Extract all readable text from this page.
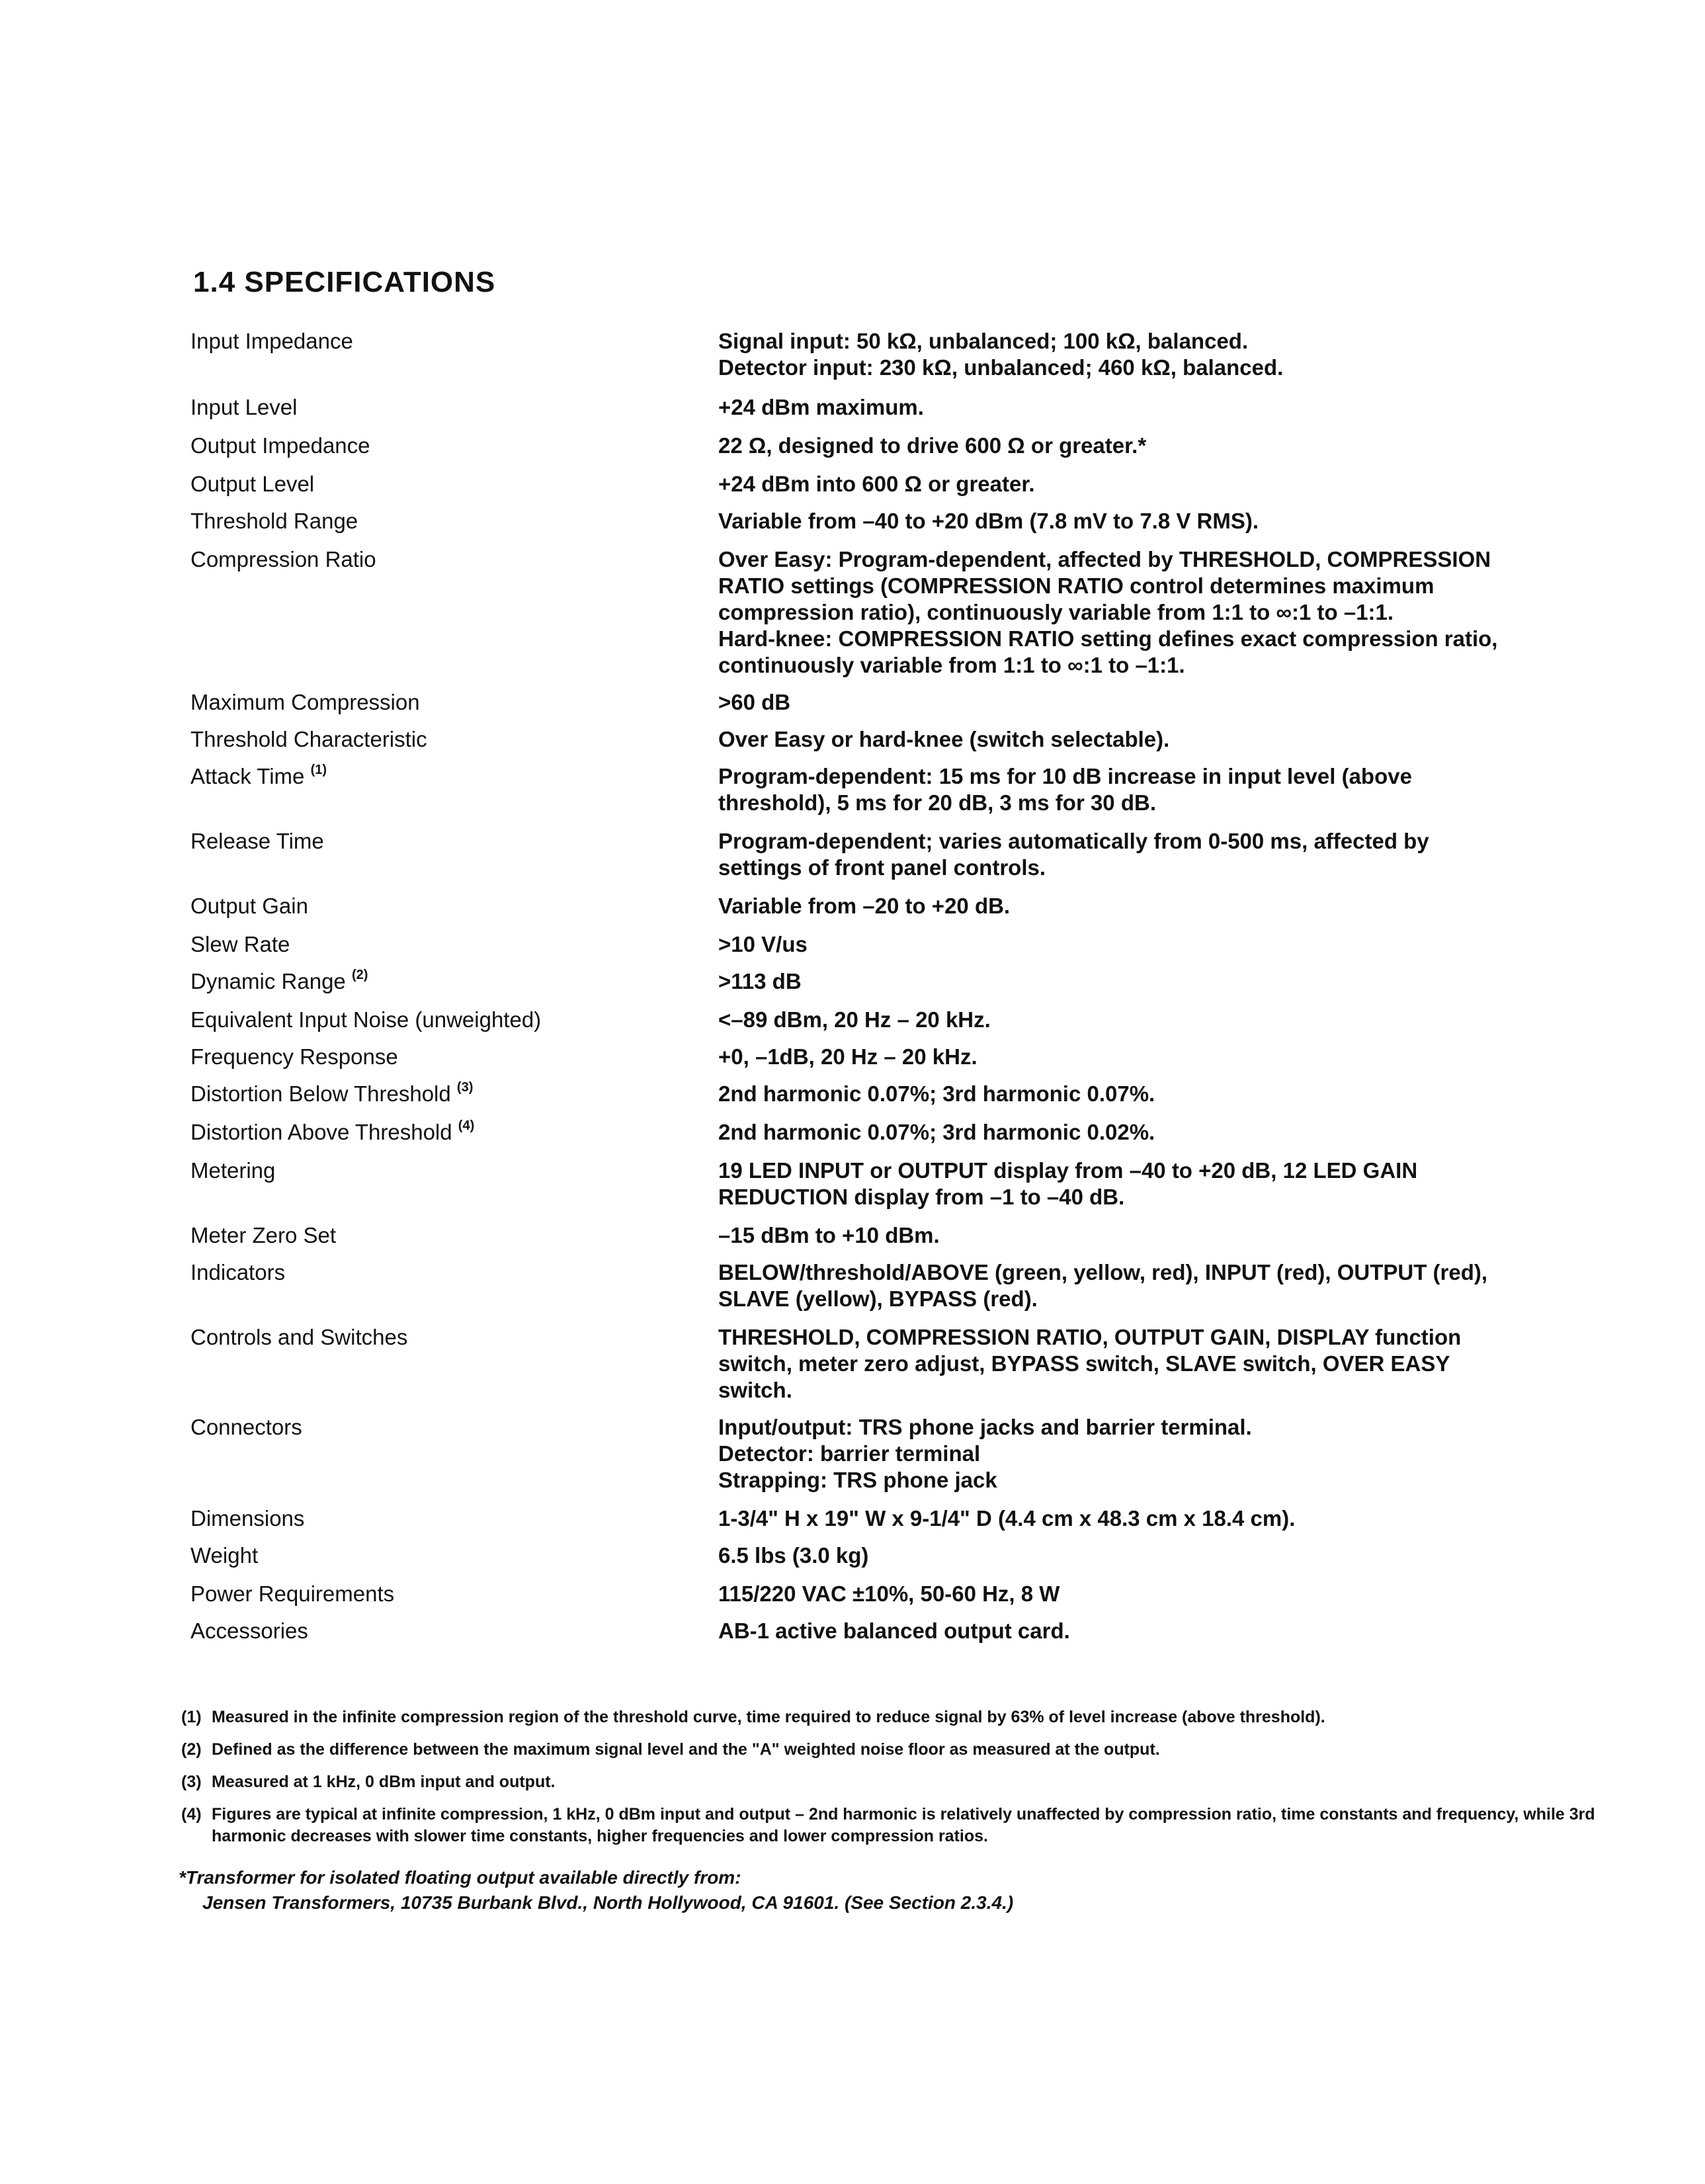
1.4 SPECIFICATIONS
Input Impedance	Signal input: 50 kΩ, unbalanced; 100 kΩ, balanced.
Detector input: 230 kΩ, unbalanced; 460 kΩ, balanced.
Input Level	+24 dBm maximum.
Output Impedance	22 Ω, designed to drive 600 Ω or greater.*
Output Level	+24 dBm into 600 Ω or greater.
Threshold Range	Variable from –40 to +20 dBm (7.8 mV to 7.8 V RMS).
Compression Ratio	Over Easy: Program-dependent, affected by THRESHOLD, COMPRESSION
RATIO settings (COMPRESSION RATIO control determines maximum
compression ratio), continuously variable from 1:1 to ∞:1 to –1:1.
Hard-knee: COMPRESSION RATIO setting defines exact compression ratio,
continuously variable from 1:1 to ∞:1 to –1:1.
Maximum Compression	>60 dB
Threshold Characteristic	Over Easy or hard-knee (switch selectable).
Attack Time $^{(1)}$	Program-dependent: 15 ms for 10 dB increase in input level (above
threshold), 5 ms for 20 dB, 3 ms for 30 dB.
Release Time	Program-dependent; varies automatically from 0-500 ms, affected by
settings of front panel controls.
Output Gain	Variable from –20 to +20 dB.
Slew Rate	>10 V/us
Dynamic Range $^{(2)}$	>113 dB
Equivalent Input Noise (unweighted)	<–89 dBm, 20 Hz – 20 kHz.
Frequency Response	+0, –1dB, 20 Hz – 20 kHz.
Distortion Below Threshold $^{(3)}$	2nd harmonic 0.07%; 3rd harmonic 0.07%.
Distortion Above Threshold $^{(4)}$	2nd harmonic 0.07%; 3rd harmonic 0.02%.
Metering	19 LED INPUT or OUTPUT display from –40 to +20 dB, 12 LED GAIN
REDUCTION display from –1 to –40 dB.
Meter Zero Set	–15 dBm to +10 dBm.
Indicators	BELOW/threshold/ABOVE (green, yellow, red), INPUT (red), OUTPUT (red),
SLAVE (yellow), BYPASS (red).
Controls and Switches	THRESHOLD, COMPRESSION RATIO, OUTPUT GAIN, DISPLAY function
switch, meter zero adjust, BYPASS switch, SLAVE switch, OVER EASY
switch.
Connectors	Input/output: TRS phone jacks and barrier terminal.
Detector: barrier terminal
Strapping: TRS phone jack
Dimensions	1-3/4" H x 19" W x 9-1/4" D (4.4 cm x 48.3 cm x 18.4 cm).
Weight	6.5 lbs (3.0 kg)
Power Requirements	115/220 VAC ±10%, 50-60 Hz, 8 W
Accessories	AB-1 active balanced output card.
(1) Measured in the infinite compression region of the threshold curve, time required to reduce signal by 63% of level increase (above threshold).
(2) Defined as the difference between the maximum signal level and the "A" weighted noise floor as measured at the output.
(3) Measured at 1 kHz, 0 dBm input and output.
(4) Figures are typical at infinite compression, 1 kHz, 0 dBm input and output – 2nd harmonic is relatively unaffected by compression ratio, time constants and frequency, while 3rd harmonic decreases with slower time constants, higher frequencies and lower compression ratios.
*Transformer for isolated floating output available directly from:
Jensen Transformers, 10735 Burbank Blvd., North Hollywood, CA 91601. (See Section 2.3.4.)
